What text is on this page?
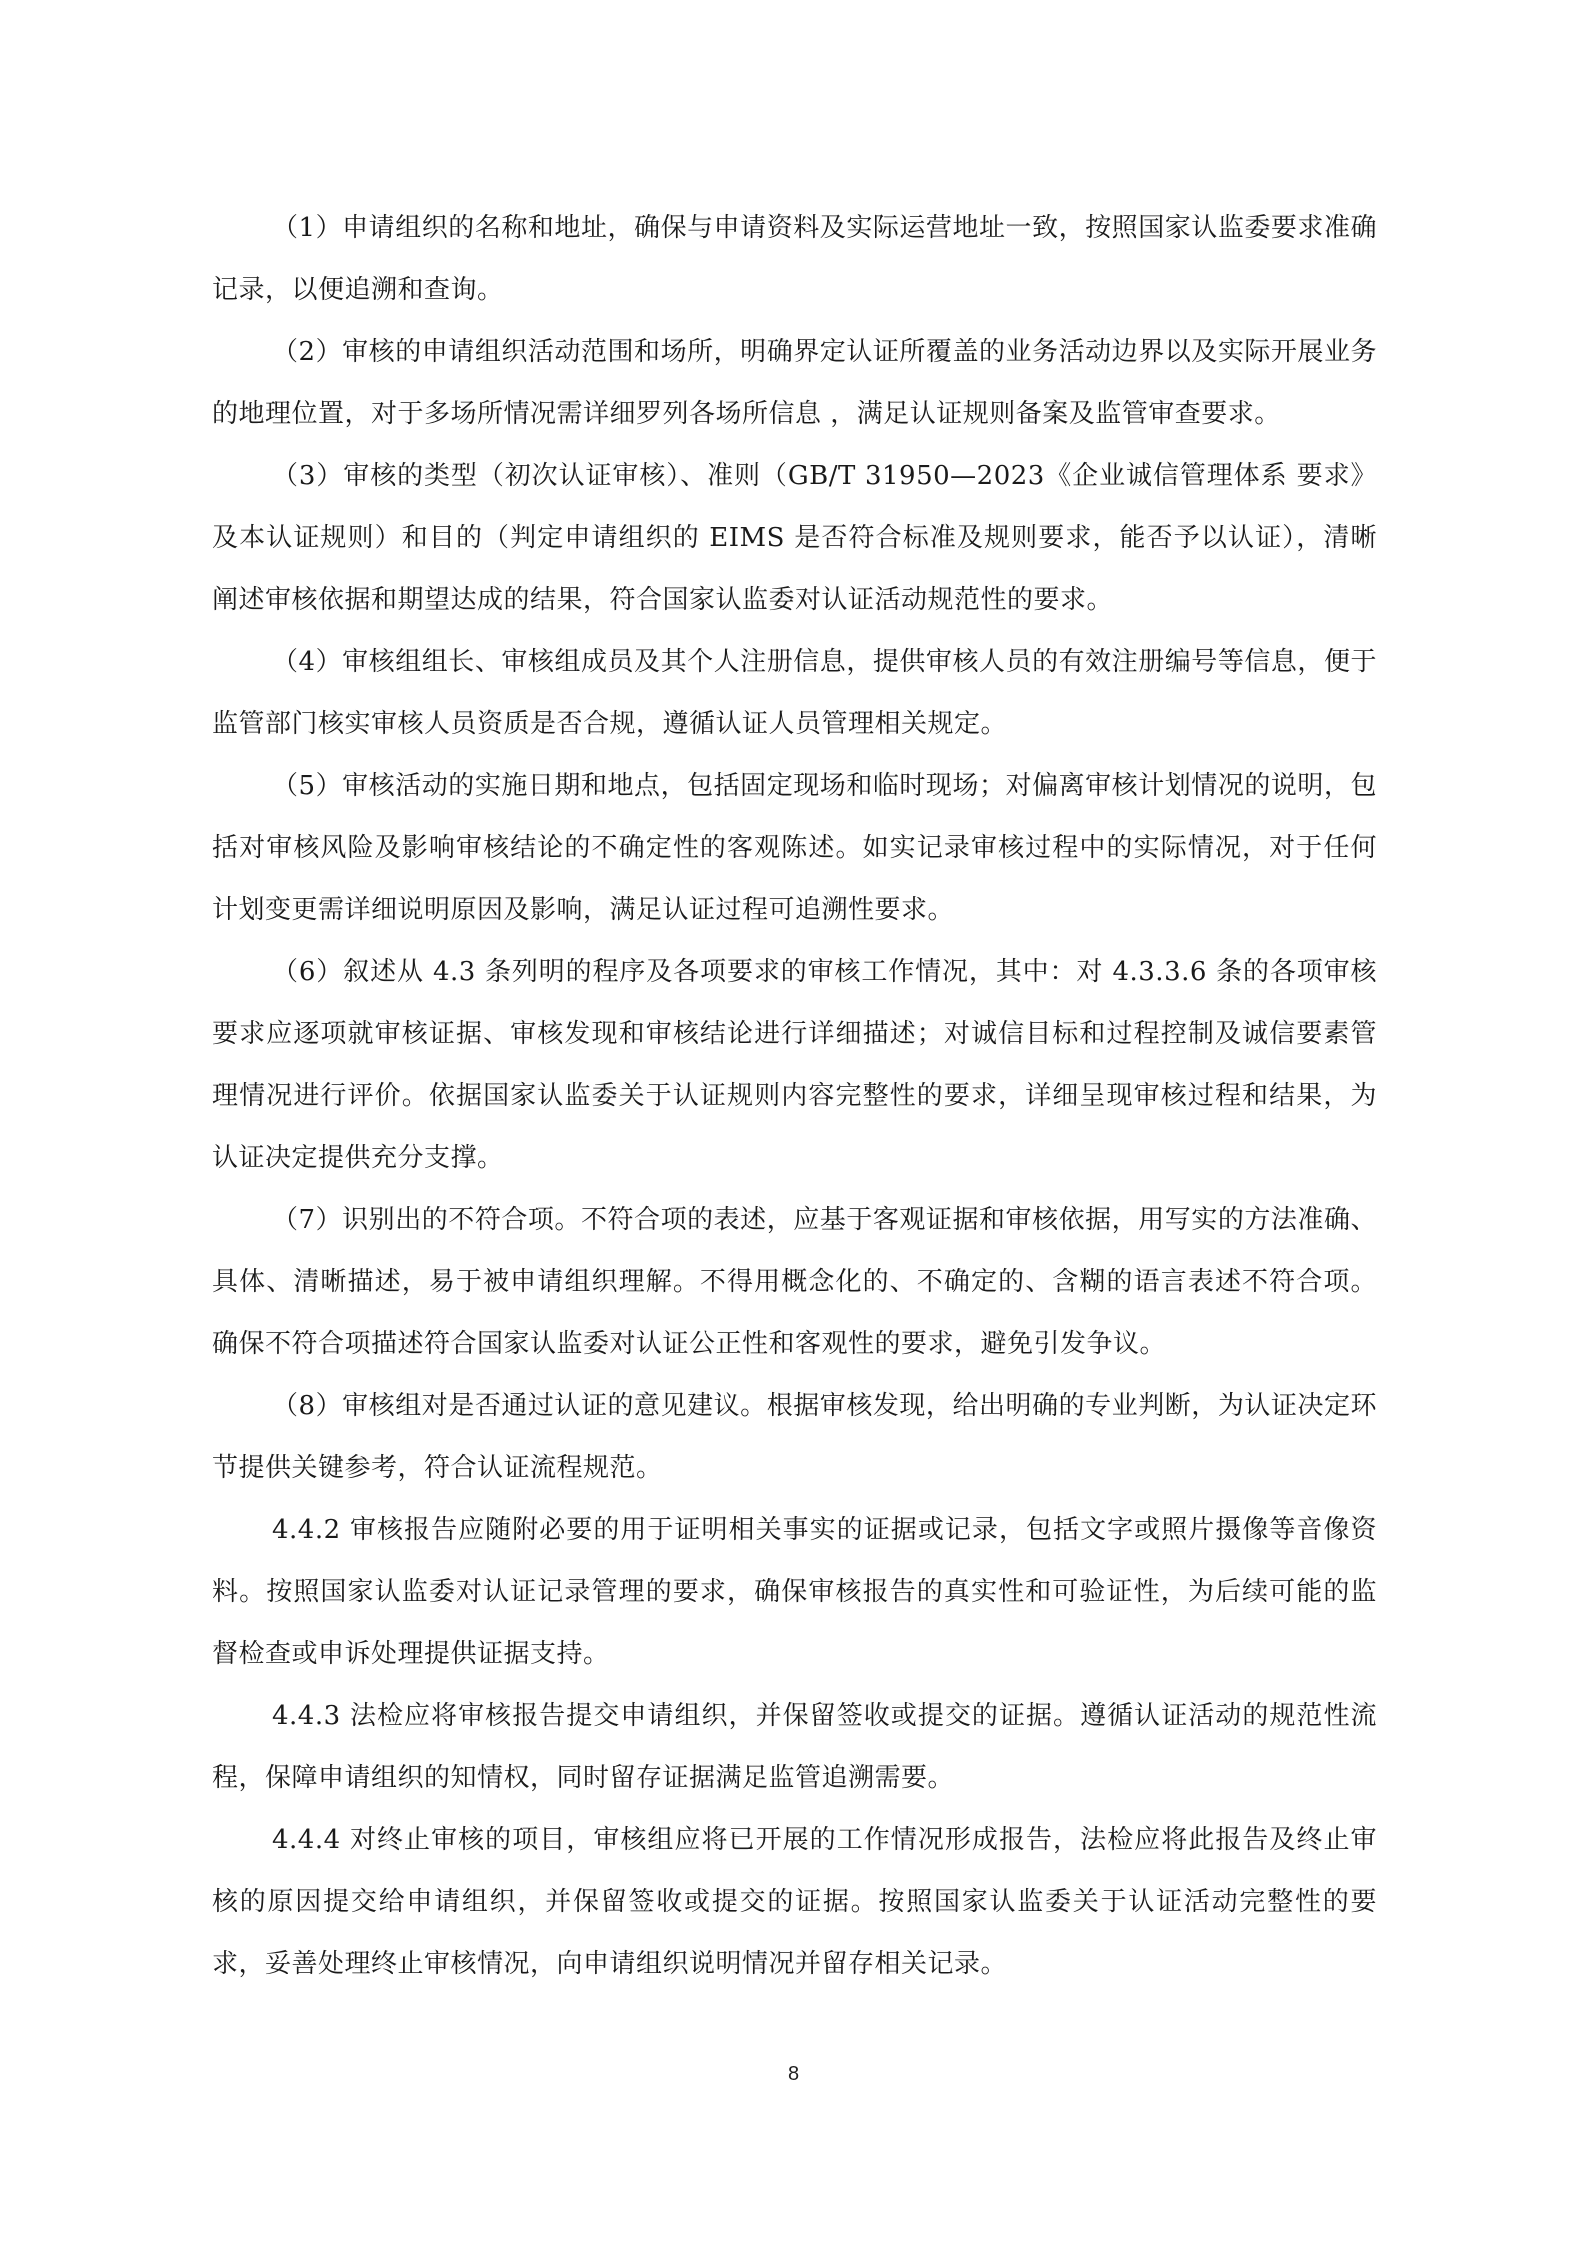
（1）申请组织的名称和地址，确保与申请资料及实际运营地址一致，按照国家认监委要求准确记录，以便追溯和查询。

（2）审核的申请组织活动范围和场所，明确界定认证所覆盖的业务活动边界以及实际开展业务的地理位置，对于多场所情况需详细罗列各场所信息 ，满足认证规则备案及监管审查要求。

（3）审核的类型（初次认证审核）、准则（GB/T 31950—2023《企业诚信管理体系 要求》及本认证规则）和目的（判定申请组织的 EIMS 是否符合标准及规则要求，能否予以认证），清晰阐述审核依据和期望达成的结果，符合国家认监委对认证活动规范性的要求。

（4）审核组组长、审核组成员及其个人注册信息，提供审核人员的有效注册编号等信息，便于监管部门核实审核人员资质是否合规，遵循认证人员管理相关规定。

（5）审核活动的实施日期和地点，包括固定现场和临时现场；对偏离审核计划情况的说明，包括对审核风险及影响审核结论的不确定性的客观陈述。如实记录审核过程中的实际情况，对于任何计划变更需详细说明原因及影响，满足认证过程可追溯性要求。

（6）叙述从 4.3 条列明的程序及各项要求的审核工作情况，其中：对 4.3.3.6 条的各项审核要求应逐项就审核证据、审核发现和审核结论进行详细描述；对诚信目标和过程控制及诚信要素管理情况进行评价。依据国家认监委关于认证规则内容完整性的要求，详细呈现审核过程和结果，为认证决定提供充分支撑。

（7）识别出的不符合项。不符合项的表述，应基于客观证据和审核依据，用写实的方法准确、具体、清晰描述，易于被申请组织理解。不得用概念化的、不确定的、含糊的语言表述不符合项。确保不符合项描述符合国家认监委对认证公正性和客观性的要求，避免引发争议。

（8）审核组对是否通过认证的意见建议。根据审核发现，给出明确的专业判断，为认证决定环节提供关键参考，符合认证流程规范。

4.4.2 审核报告应随附必要的用于证明相关事实的证据或记录，包括文字或照片摄像等音像资料。按照国家认监委对认证记录管理的要求，确保审核报告的真实性和可验证性，为后续可能的监督检查或申诉处理提供证据支持。

4.4.3 法检应将审核报告提交申请组织，并保留签收或提交的证据。遵循认证活动的规范性流程，保障申请组织的知情权，同时留存证据满足监管追溯需要。

4.4.4 对终止审核的项目，审核组应将已开展的工作情况形成报告，法检应将此报告及终止审核的原因提交给申请组织，并保留签收或提交的证据。按照国家认监委关于认证活动完整性的要求，妥善处理终止审核情况，向申请组织说明情况并留存相关记录。

8
